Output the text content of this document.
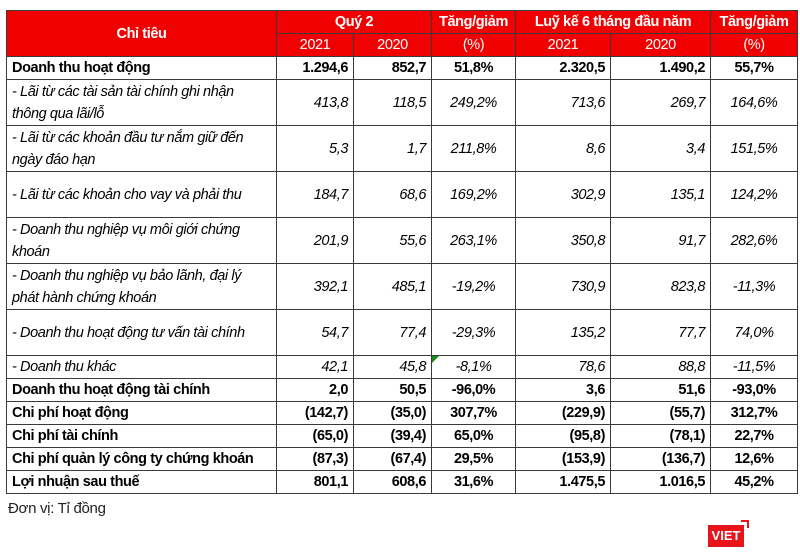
Chỉ tiêu	Quý 2		Tăng/giảm	Luỹ kế 6 tháng đầu năm		Tăng/giảm
	2021	2020	(%)	2021	2020	(%)
Doanh thu hoạt động	1.294,6	852,7	51,8%	2.320,5	1.490,2	55,7%
- Lãi từ các tài sản tài chính ghi nhận thông qua lãi/lỗ	413,8	118,5	249,2%	713,6	269,7	164,6%
- Lãi từ các khoản đầu tư nắm giữ đến ngày đáo hạn	5,3	1,7	211,8%	8,6	3,4	151,5%
- Lãi từ các khoản cho vay và phải thu	184,7	68,6	169,2%	302,9	135,1	124,2%
- Doanh thu nghiệp vụ môi giới chứng khoán	201,9	55,6	263,1%	350,8	91,7	282,6%
- Doanh thu nghiệp vụ bảo lãnh, đại lý phát hành chứng khoán	392,1	485,1	-19,2%	730,9	823,8	-11,3%
- Doanh thu hoạt động tư vấn tài chính	54,7	77,4	-29,3%	135,2	77,7	74,0%
- Doanh thu khác	42,1	45,8	-8,1%	78,6	88,8	-11,5%
Doanh thu hoạt động tài chính	2,0	50,5	-96,0%	3,6	51,6	-93,0%
Chi phí hoạt động	(142,7)	(35,0)	307,7%	(229,9)	(55,7)	312,7%
Chi phí tài chính	(65,0)	(39,4)	65,0%	(95,8)	(78,1)	22,7%
Chi phí quản lý công ty chứng khoán	(87,3)	(67,4)	29,5%	(153,9)	(136,7)	12,6%
Lợi nhuận sau thuế	801,1	608,6	31,6%	1.475,5	1.016,5	45,2%
Đơn vị: Tỉ đồng
VIET
